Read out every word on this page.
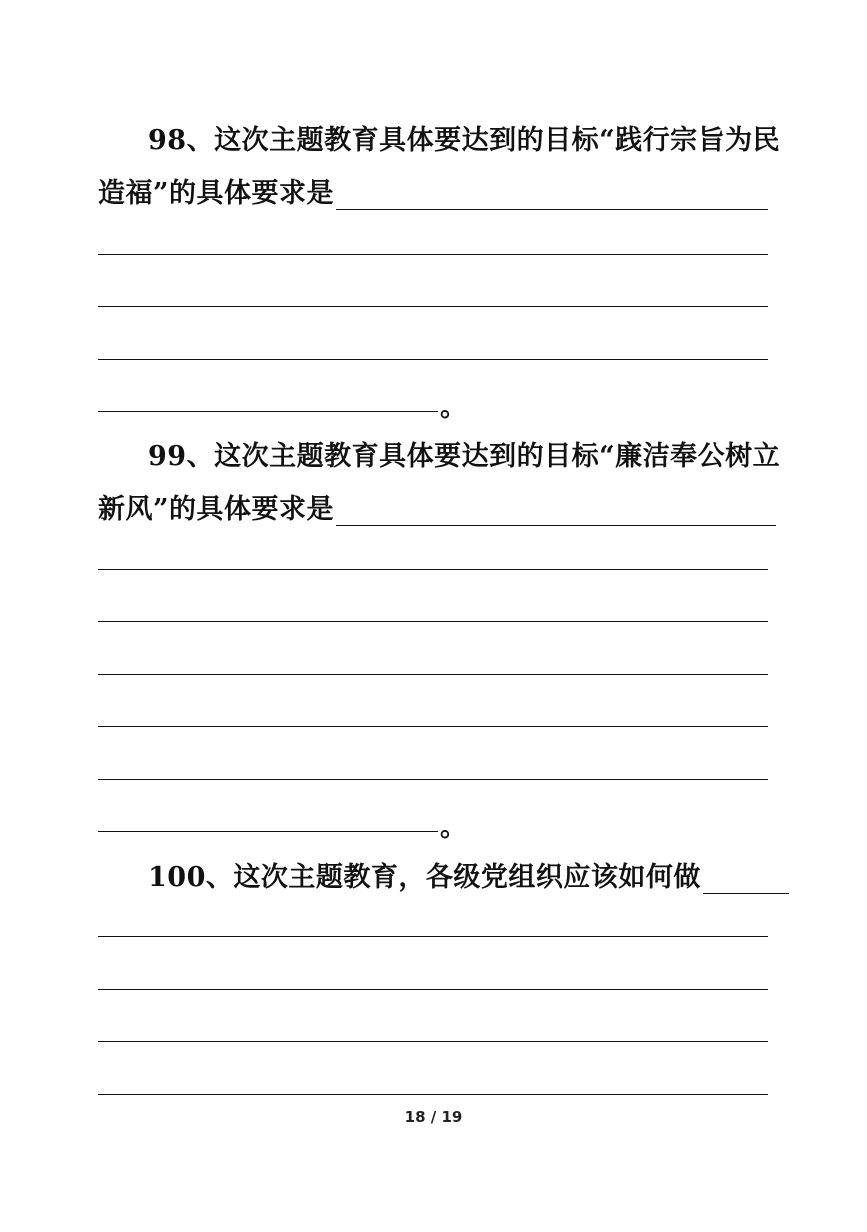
98、这次主题教育具体要达到的目标“践行宗旨为民
造福”的具体要求是
。
99、这次主题教育具体要达到的目标“廉洁奉公树立
新风”的具体要求是
。
100、这次主题教育，各级党组织应该如何做
18 / 19
